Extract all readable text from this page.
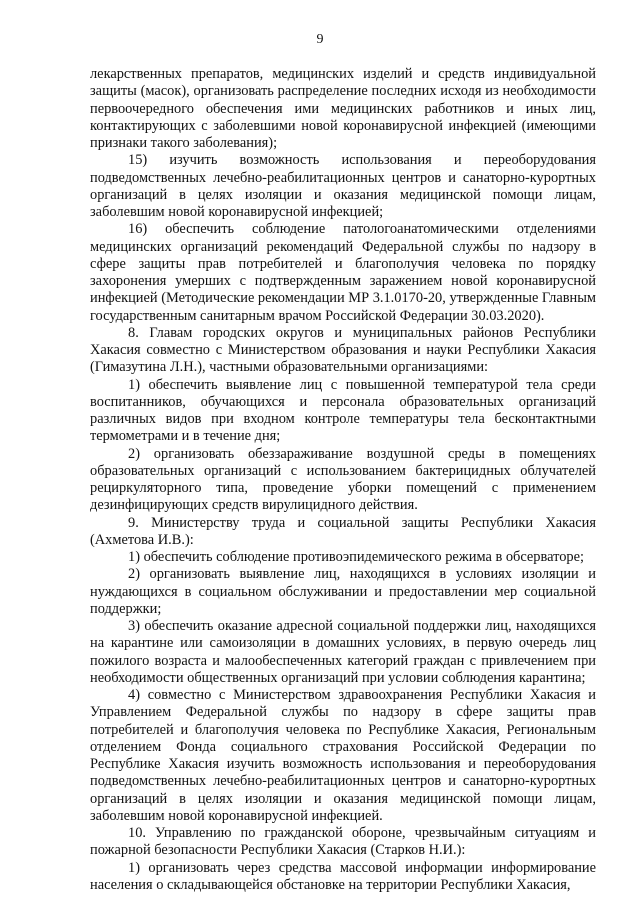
9

лекарственных препаратов, медицинских изделий и средств индивидуальной защиты (масок), организовать распределение последних исходя из необходимости первоочередного обеспечения ими медицинских работников и иных лиц, контактирующих с заболевшими новой коронавирусной инфекцией (имеющими признаки такого заболевания);

15) изучить возможность использования и переоборудования подведомственных лечебно-реабилитационных центров и санаторно-курортных организаций в целях изоляции и оказания медицинской помощи лицам, заболевшим новой коронавирусной инфекцией;

16) обеспечить соблюдение патологоанатомическими отделениями медицинских организаций рекомендаций Федеральной службы по надзору в сфере защиты прав потребителей и благополучия человека по порядку захоронения умерших с подтвержденным заражением новой коронавирусной инфекцией (Методические рекомендации МР 3.1.0170-20, утвержденные Главным государственным санитарным врачом Российской Федерации 30.03.2020).

8. Главам городских округов и муниципальных районов Республики Хакасия совместно с Министерством образования и науки Республики Хакасия (Гимазутина Л.Н.), частными образовательными организациями:

1) обеспечить выявление лиц с повышенной температурой тела среди воспитанников, обучающихся и персонала образовательных организаций различных видов при входном контроле температуры тела бесконтактными термометрами и в течение дня;

2) организовать обеззараживание воздушной среды в помещениях образовательных организаций с использованием бактерицидных облучателей рециркуляторного типа, проведение уборки помещений с применением дезинфицирующих средств вирулицидного действия.

9. Министерству труда и социальной защиты Республики Хакасия (Ахметова И.В.):

1) обеспечить соблюдение противоэпидемического режима в обсерваторе;

2) организовать выявление лиц, находящихся в условиях изоляции и нуждающихся в социальном обслуживании и предоставлении мер социальной поддержки;

3) обеспечить оказание адресной социальной поддержки лиц, находящихся на карантине или самоизоляции в домашних условиях, в первую очередь лиц пожилого возраста и малообеспеченных категорий граждан с привлечением при необходимости общественных организаций при условии соблюдения карантина;

4) совместно с Министерством здравоохранения Республики Хакасия и Управлением Федеральной службы по надзору в сфере защиты прав потребителей и благополучия человека по Республике Хакасия, Региональным отделением Фонда социального страхования Российской Федерации по Республике Хакасия изучить возможность использования и переоборудования подведомственных лечебно-реабилитационных центров и санаторно-курортных организаций в целях изоляции и оказания медицинской помощи лицам, заболевшим новой коронавирусной инфекцией.

10. Управлению по гражданской обороне, чрезвычайным ситуациям и пожарной безопасности Республики Хакасия (Старков Н.И.):

1) организовать через средства массовой информации информирование населения о складывающейся обстановке на территории Республики Хакасия,
